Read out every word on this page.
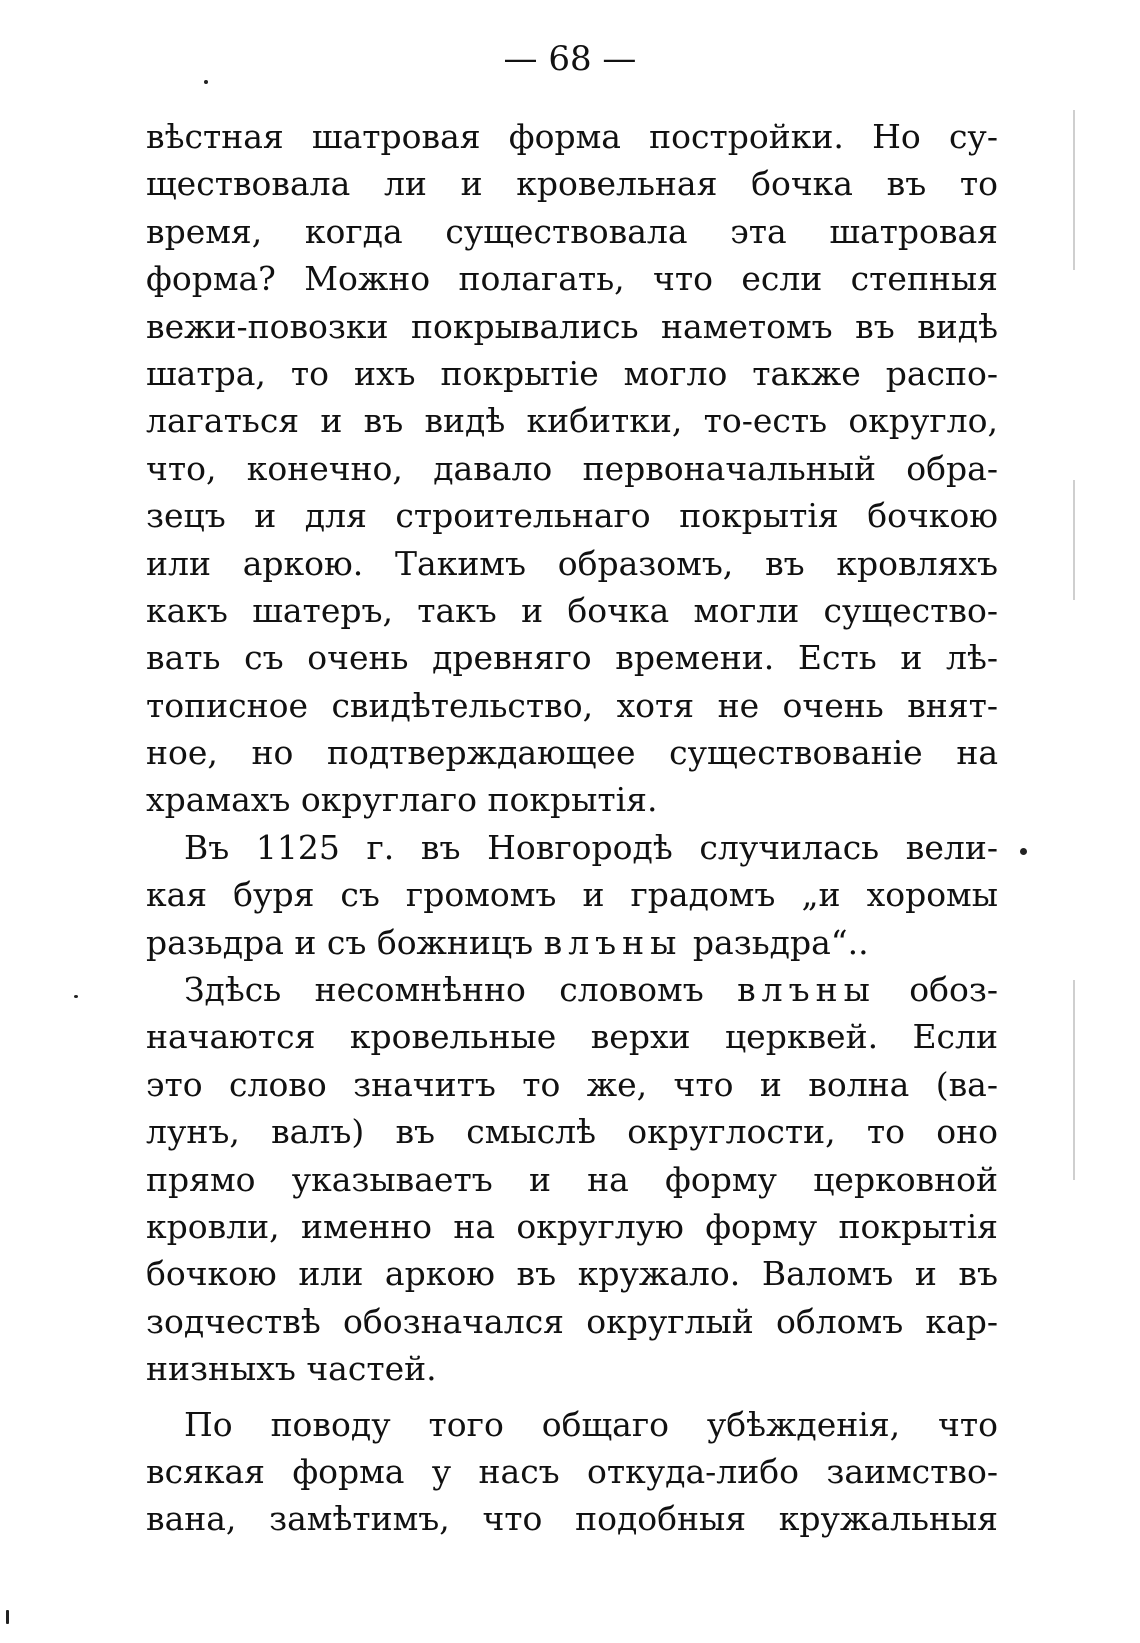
— 68 —
вѣстная шатровая форма постройки. Но су-
ществовала ли и кровельная бочка въ то
время, когда существовала эта шатровая
форма? Можно полагать, что если степныя
вежи-повозки покрывались наметомъ въ видѣ
шатра, то ихъ покрытiе могло также распо-
лагаться и въ видѣ кибитки, то-есть округло,
что, конечно, давало первоначальный обра-
зецъ и для строительнаго покрытiя бочкою
или аркою. Такимъ образомъ, въ кровляхъ
какъ шатеръ, такъ и бочка могли существо-
вать съ очень древняго времени. Есть и лѣ-
тописное свидѣтельство, хотя не очень внят-
ное, но подтверждающее существованiе на
храмахъ округлаго покрытiя.
Въ 1125 г. въ Новгородѣ случилась вели-
кая буря съ громомъ и градомъ „и хоромы
разьдра и съ божницъ влъны разьдра“..
Здѣсь несомнѣнно словомъ влъны обоз-
начаются кровельные верхи церквей. Если
это слово значитъ то же, что и волна (ва-
лунъ, валъ) въ смыслѣ округлости, то оно
прямо указываетъ и на форму церковной
кровли, именно на округлую форму покрытiя
бочкою или аркою въ кружало. Валомъ и въ
зодчествѣ обозначался округлый обломъ кар-
низныхъ частей.
По поводу того общаго убѣжденiя, что
всякая форма у насъ откуда-либо заимство-
вана, замѣтимъ, что подобныя кружальныя
